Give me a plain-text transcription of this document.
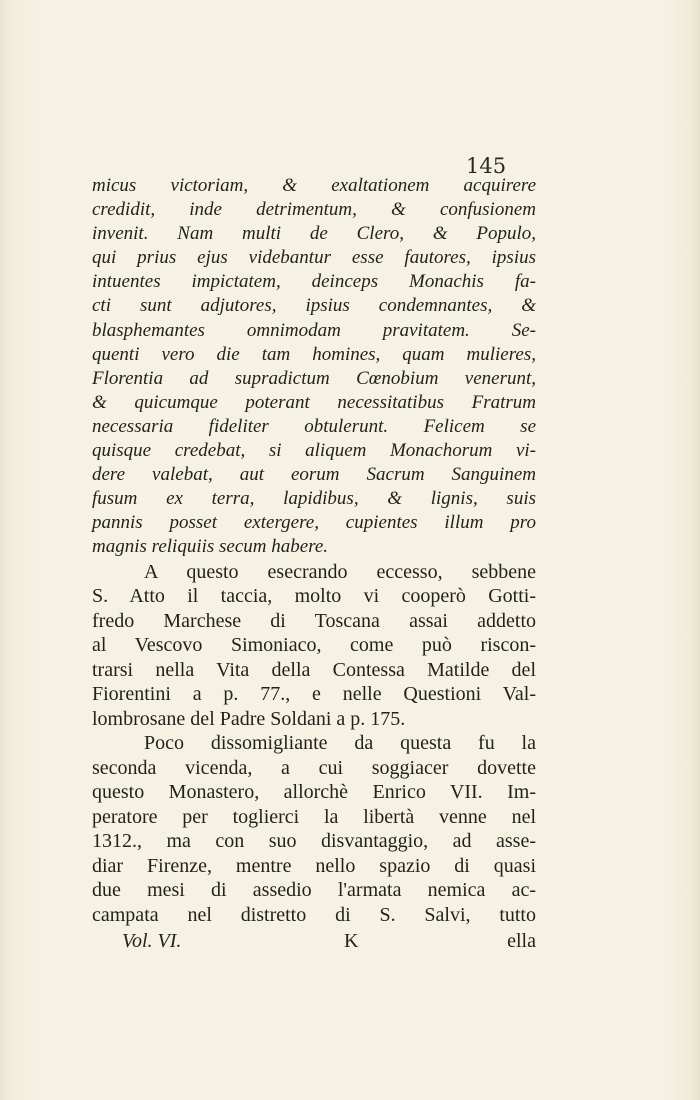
145
micus victoriam, & exaltationem acquirere
credidit, inde detrimentum, & confusionem
invenit. Nam multi de Clero, & Populo,
qui prius ejus videbantur esse fautores, ipsius
intuentes impictatem, deinceps Monachis fa-
cti sunt adjutores, ipsius condemnantes, &
blasphemantes omnimodam pravitatem. Se-
quenti vero die tam homines, quam mulieres,
Florentia ad supradictum Cœnobium venerunt,
& quicumque poterant necessitatibus Fratrum
necessaria fideliter obtulerunt. Felicem se
quisque credebat, si aliquem Monachorum vi-
dere valebat, aut eorum Sacrum Sanguinem
fusum ex terra, lapidibus, & lignis, suis
pannis posset extergere, cupientes illum pro
magnis reliquiis secum habere.
A questo esecrando eccesso, sebbene
S. Atto il taccia, molto vi cooperò Gotti-
fredo Marchese di Toscana assai addetto
al Vescovo Simoniaco, come può riscon-
trarsi nella Vita della Contessa Matilde del
Fiorentini a p. 77., e nelle Questioni Val-
lombrosane del Padre Soldani a p. 175.
Poco dissomigliante da questa fu la
seconda vicenda, a cui soggiacer dovette
questo Monastero, allorchè Enrico VII. Im-
peratore per toglierci la libertà venne nel
1312., ma con suo disvantaggio, ad asse-
diar Firenze, mentre nello spazio di quasi
due mesi di assedio l'armata nemica ac-
campata nel distretto di S. Salvi, tutto
Vol. VI.	K	ella
